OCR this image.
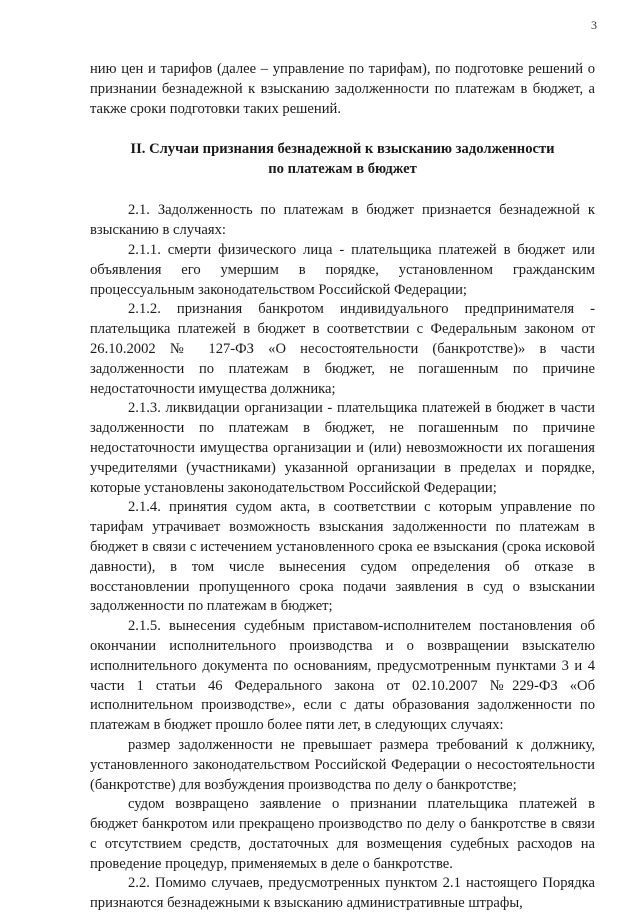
3

нию цен и тарифов (далее – управление по тарифам), по подготовке решений о признании безнадежной к взысканию задолженности по платежам в бюджет, а также сроки подготовки таких решений.

II. Случаи признания безнадежной к взысканию задолженности
по платежам в бюджет

2.1. Задолженность по платежам в бюджет признается безнадежной к взысканию в случаях:

2.1.1. смерти физического лица - плательщика платежей в бюджет или объявления его умершим в порядке, установленном гражданским процессуальным законодательством Российской Федерации;

2.1.2. признания банкротом индивидуального предпринимателя - плательщика платежей в бюджет в соответствии с Федеральным законом от 26.10.2002 № 127-ФЗ «О несостоятельности (банкротстве)» в части задолженности по платежам в бюджет, не погашенным по причине недостаточности имущества должника;

2.1.3. ликвидации организации - плательщика платежей в бюджет в части задолженности по платежам в бюджет, не погашенным по причине недостаточности имущества организации и (или) невозможности их погашения учредителями (участниками) указанной организации в пределах и порядке, которые установлены законодательством Российской Федерации;

2.1.4. принятия судом акта, в соответствии с которым управление по тарифам утрачивает возможность взыскания задолженности по платежам в бюджет в связи с истечением установленного срока ее взыскания (срока исковой давности), в том числе вынесения судом определения об отказе в восстановлении пропущенного срока подачи заявления в суд о взыскании задолженности по платежам в бюджет;

2.1.5. вынесения судебным приставом-исполнителем постановления об окончании исполнительного производства и о возвращении взыскателю исполнительного документа по основаниям, предусмотренным пунктами 3 и 4 части 1 статьи 46 Федерального закона от 02.10.2007 №229-ФЗ «Об исполнительном производстве», если с даты образования задолженности по платежам в бюджет прошло более пяти лет, в следующих случаях:

размер задолженности не превышает размера требований к должнику, установленного законодательством Российской Федерации о несостоятельности (банкротстве) для возбуждения производства по делу о банкротстве;

судом возвращено заявление о признании плательщика платежей в бюджет банкротом или прекращено производство по делу о банкротстве в связи с отсутствием средств, достаточных для возмещения судебных расходов на проведение процедур, применяемых в деле о банкротстве.

2.2. Помимо случаев, предусмотренных пунктом 2.1 настоящего Порядка признаются безнадежными к взысканию административные штрафы,
